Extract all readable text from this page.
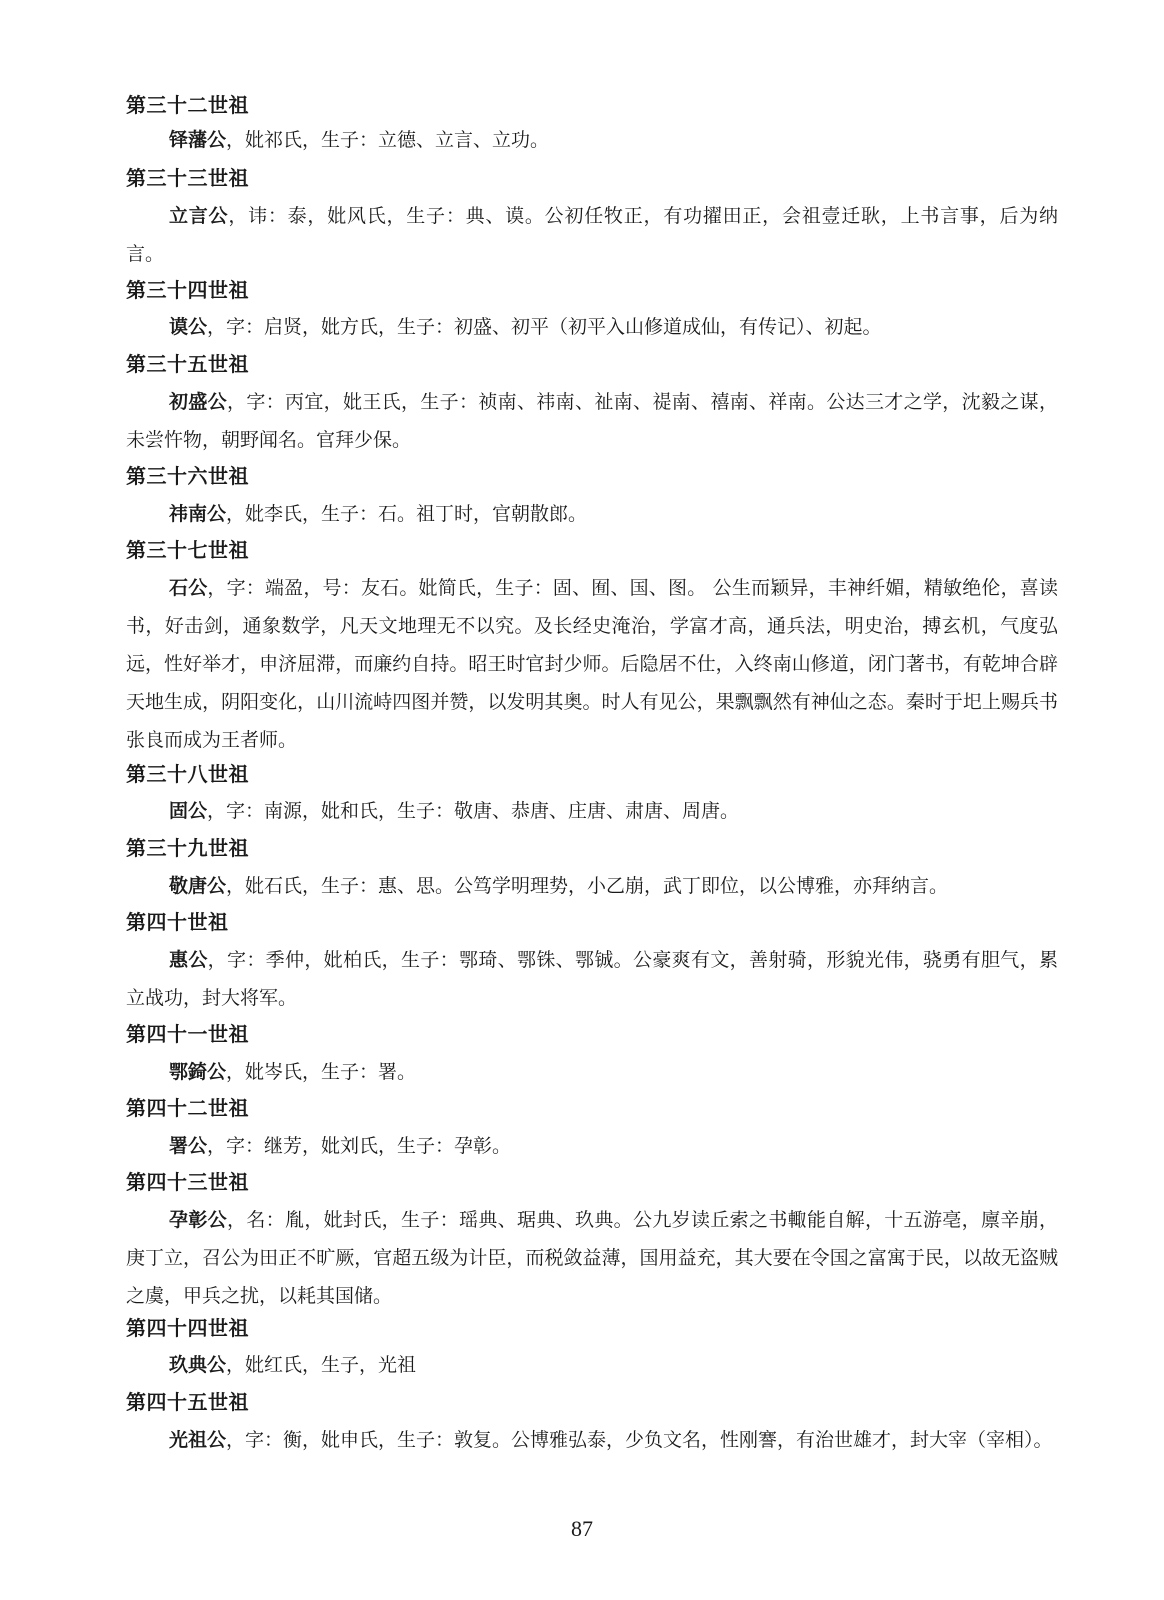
第三十二世祖
铎藩公，妣祁氏，生子：立德、立言、立功。
第三十三世祖
立言公，讳：泰，妣风氏，生子：典、谟。公初任牧正，有功擢田正，会祖壹迁耿，上书言事，后为纳言。
第三十四世祖
谟公，字：启贤，妣方氏，生子：初盛、初平（初平入山修道成仙，有传记）、初起。
第三十五世祖
初盛公，字：丙宜，妣王氏，生子：祯南、祎南、祉南、禔南、禧南、祥南。公达三才之学，沈毅之谋，未尝忤物，朝野闻名。官拜少保。
第三十六世祖
祎南公，妣李氏，生子：石。祖丁时，官朝散郎。
第三十七世祖
石公，字：端盈，号：友石。妣简氏，生子：固、囿、国、图。 公生而颖异，丰神纤媚，精敏绝伦，喜读书，好击剑，通象数学，凡天文地理无不以究。及长经史淹治，学富才高，通兵法，明史治，搏玄机，气度弘远，性好举才，申济屈滞，而廉约自持。昭王时官封少师。后隐居不仕，入终南山修道，闭门著书，有乾坤合辟天地生成，阴阳变化，山川流峙四图并赞，以发明其奥。时人有见公，果飘飘然有神仙之态。秦时于圯上赐兵书张良而成为王者师。
第三十八世祖
固公，字：南源，妣和氏，生子：敬唐、恭唐、庄唐、肃唐、周唐。
第三十九世祖
敬唐公，妣石氏，生子：惠、思。公笃学明理势，小乙崩，武丁即位，以公博雅，亦拜纳言。
第四十世祖
惠公，字：季仲，妣柏氏，生子：鄂琦、鄂铢、鄂铖。公豪爽有文，善射骑，形貌光伟，骁勇有胆气，累立战功，封大将军。
第四十一世祖
鄂錡公，妣岑氏，生子：署。
第四十二世祖
署公，字：继芳，妣刘氏，生子：孕彰。
第四十三世祖
孕彰公，名：胤，妣封氏，生子：瑶典、琚典、玖典。公九岁读丘索之书輙能自解，十五游亳，廪辛崩，庚丁立，召公为田正不旷厥，官超五级为计臣，而税敛益薄，国用益充，其大要在令国之富寓于民，以故无盗贼之虞，甲兵之扰，以耗其国储。
第四十四世祖
玖典公，妣红氏，生子，光祖
第四十五世祖
光祖公，字：衡，妣申氏，生子：敦复。公博雅弘泰，少负文名，性刚謇，有治世雄才，封大宰（宰相）。
87
